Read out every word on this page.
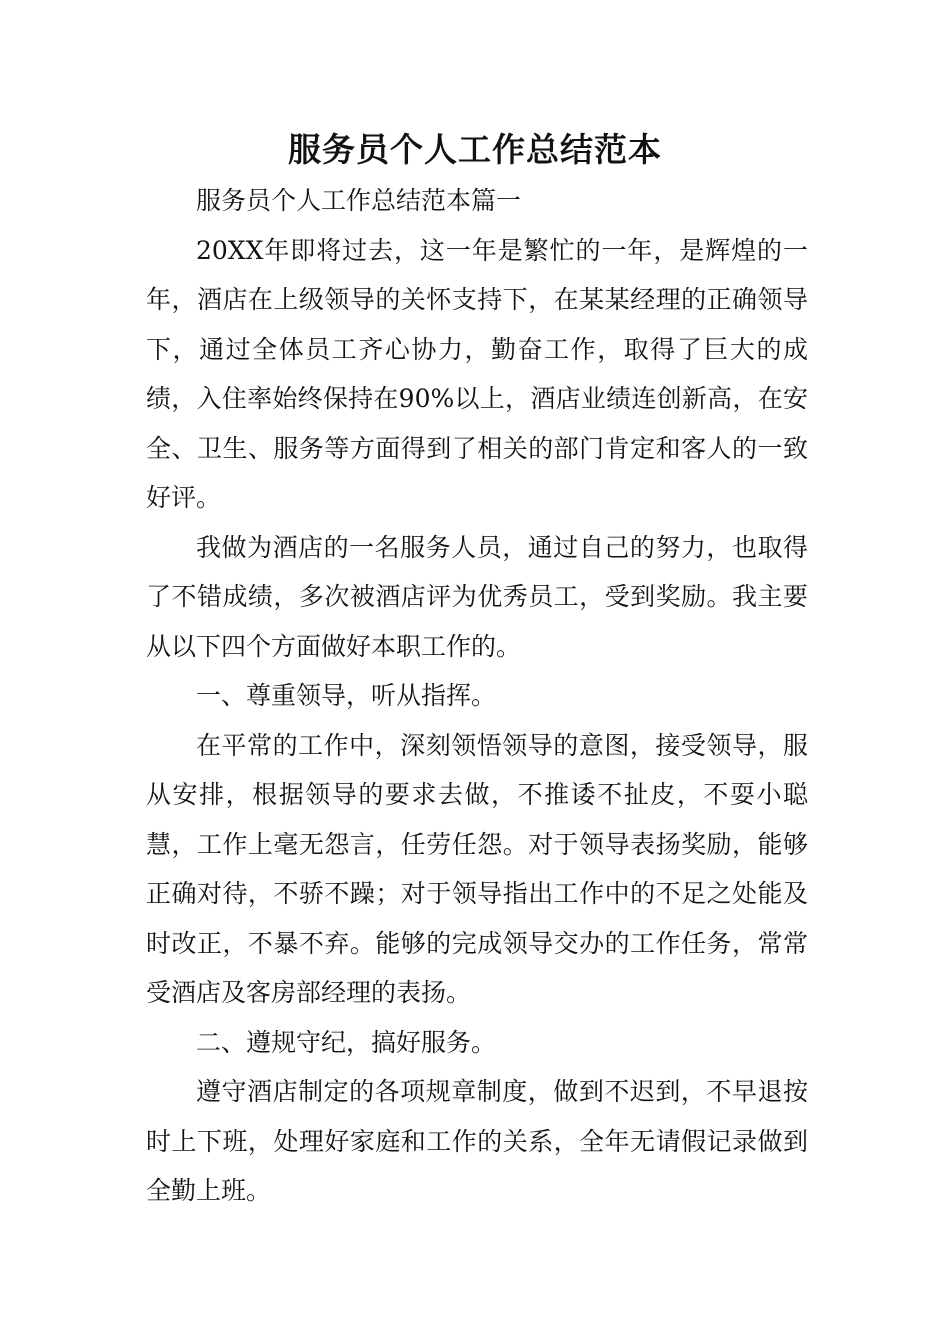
服务员个人工作总结范本

服务员个人工作总结范本篇一

20XX年即将过去，这一年是繁忙的一年，是辉煌的一年，酒店在上级领导的关怀支持下，在某某经理的正确领导下，通过全体员工齐心协力，勤奋工作，取得了巨大的成绩，入住率始终保持在90%以上，酒店业绩连创新高，在安全、卫生、服务等方面得到了相关的部门肯定和客人的一致好评。

我做为酒店的一名服务人员，通过自己的努力，也取得了不错成绩，多次被酒店评为优秀员工，受到奖励。我主要从以下四个方面做好本职工作的。

一、尊重领导，听从指挥。

在平常的工作中，深刻领悟领导的意图，接受领导，服从安排，根据领导的要求去做，不推诿不扯皮，不耍小聪慧，工作上毫无怨言，任劳任怨。对于领导表扬奖励，能够正确对待，不骄不躁；对于领导指出工作中的不足之处能及时改正，不暴不弃。能够的完成领导交办的工作任务，常常受酒店及客房部经理的表扬。

二、遵规守纪，搞好服务。

遵守酒店制定的各项规章制度，做到不迟到，不早退按时上下班，处理好家庭和工作的关系，全年无请假记录做到全勤上班。
